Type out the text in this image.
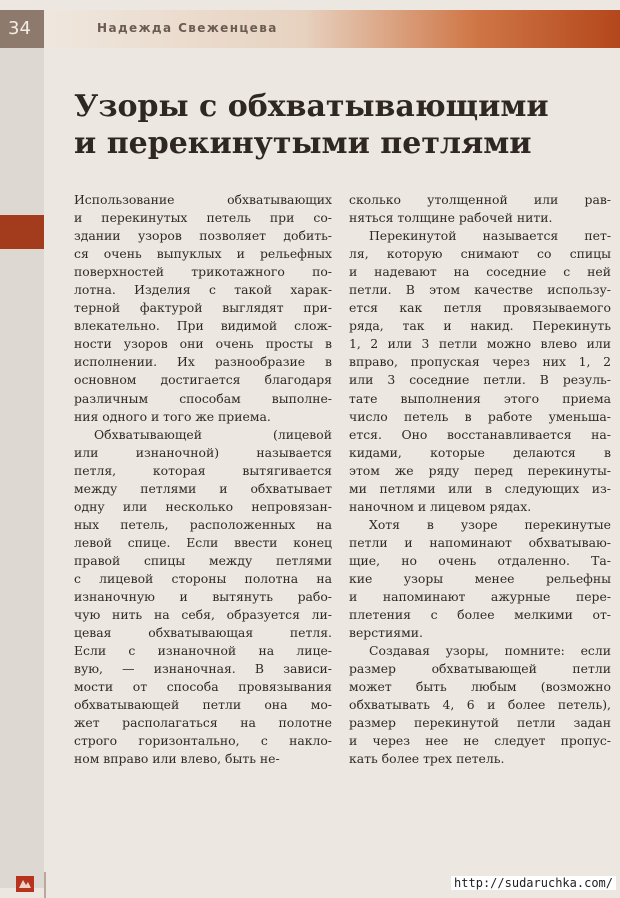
34	Надежда Свеженцева
Узоры с обхватывающими
и перекинутыми петлями
Использование обхватывающих
и перекинутых петель при со-
здании узоров позволяет добить-
ся очень выпуклых и рельефных
поверхностей трикотажного по-
лотна. Изделия с такой харак-
терной фактурой выглядят при-
влекательно. При видимой слож-
ности узоров они очень просты в
исполнении. Их разнообразие в
основном достигается благодаря
различным способам выполне-
ния одного и того же приема.
Обхватывающей (лицевой
или изнаночной) называется
петля, которая вытягивается
между петлями и обхватывает
одну или несколько непровязан-
ных петель, расположенных на
левой спице. Если ввести конец
правой спицы между петлями
с лицевой стороны полотна на
изнаночную и вытянуть рабо-
чую нить на себя, образуется ли-
цевая обхватывающая петля.
Если с изнаночной на лице-
вую, — изнаночная. В зависи-
мости от способа провязывания
обхватывающей петли она мо-
жет располагаться на полотне
строго горизонтально, с накло-
ном вправо или влево, быть не-
сколько утолщенной или рав-
няться толщине рабочей нити.
Перекинутой называется пет-
ля, которую снимают со спицы
и надевают на соседние с ней
петли. В этом качестве использу-
ется как петля провязываемого
ряда, так и накид. Перекинуть
1, 2 или 3 петли можно влево или
вправо, пропуская через них 1, 2
или 3 соседние петли. В резуль-
тате выполнения этого приема
число петель в работе уменьша-
ется. Оно восстанавливается на-
кидами, которые делаются в
этом же ряду перед перекинуты-
ми петлями или в следующих из-
наночном и лицевом рядах.
Хотя в узоре перекинутые
петли и напоминают обхватываю-
щие, но очень отдаленно. Та-
кие узоры менее рельефны
и напоминают ажурные пере-
плетения с более мелкими от-
верстиями.
Создавая узоры, помните: если
размер обхватывающей петли
может быть любым (возможно
обхватывать 4, 6 и более петель),
размер перекинутой петли задан
и через нее не следует пропус-
кать более трех петель.
http://sudaruchka.com/
